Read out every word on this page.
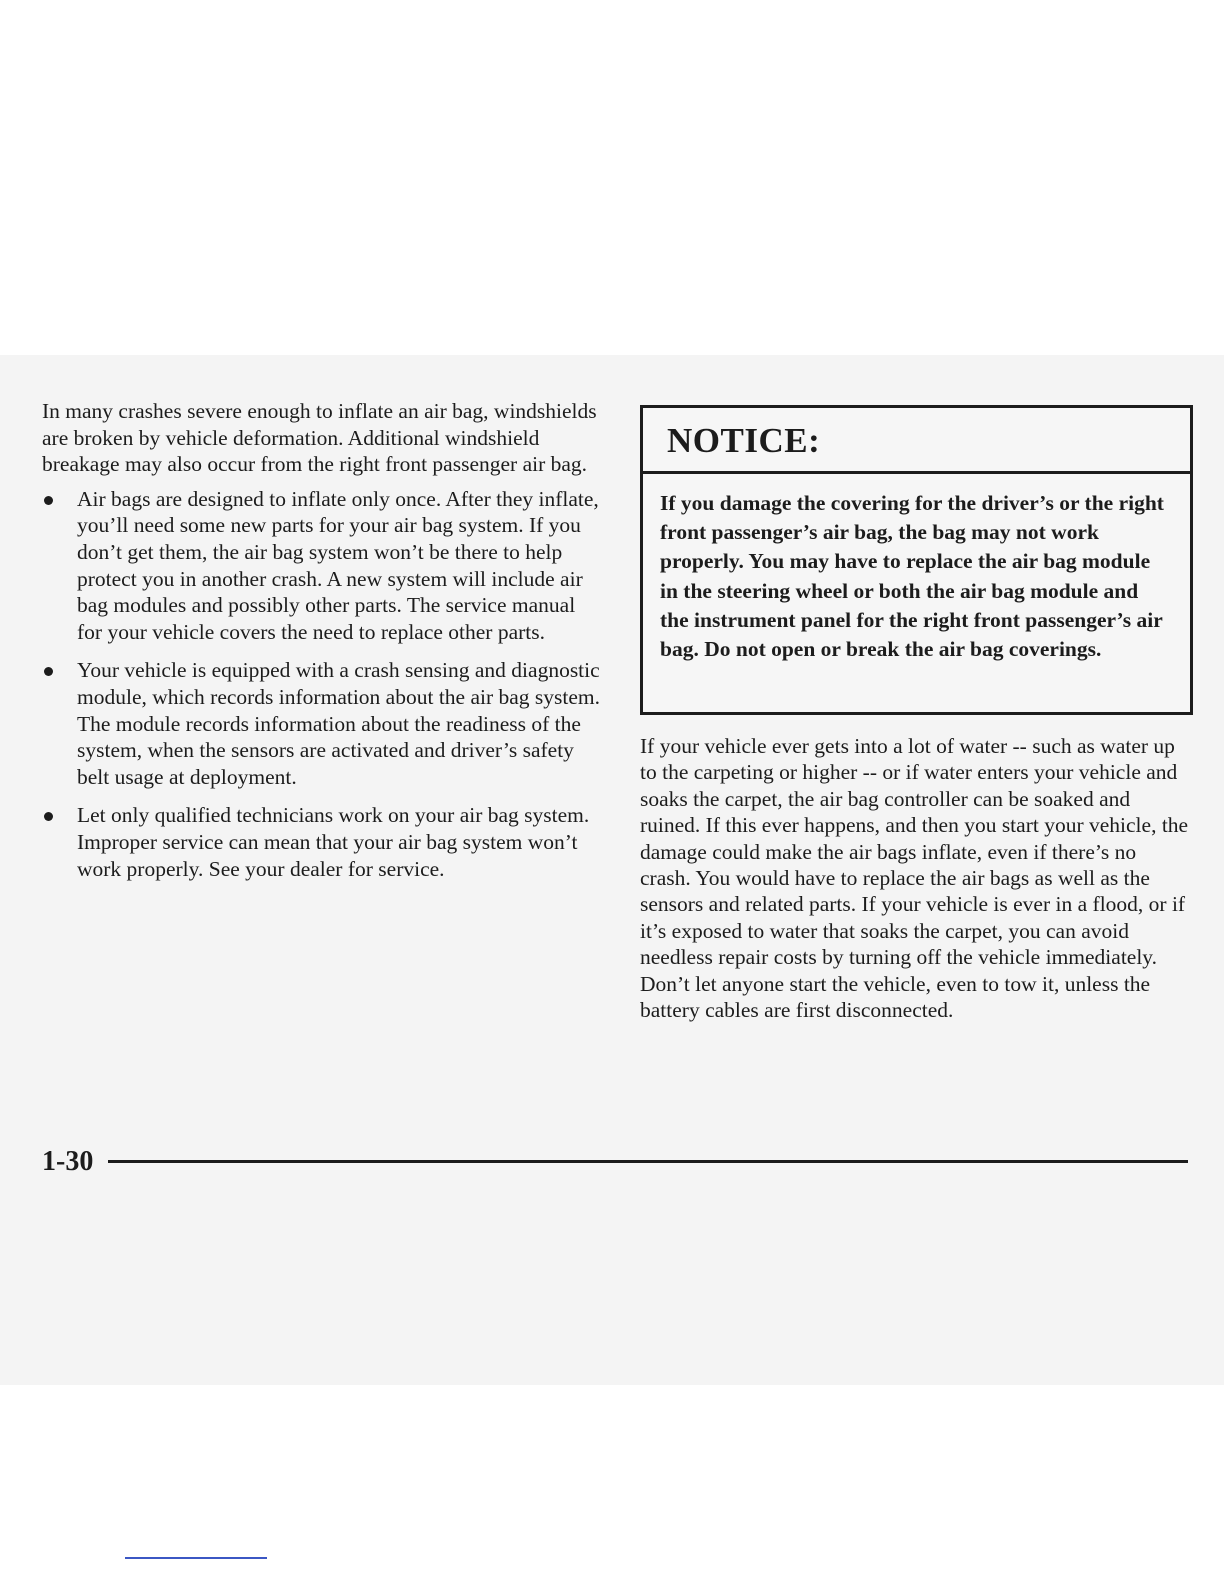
In many crashes severe enough to inflate an air bag, windshields are broken by vehicle deformation. Additional windshield breakage may also occur from the right front passenger air bag.

Air bags are designed to inflate only once. After they inflate, you’ll need some new parts for your air bag system. If you don’t get them, the air bag system won’t be there to help protect you in another crash. A new system will include air bag modules and possibly other parts. The service manual for your vehicle covers the need to replace other parts.
Your vehicle is equipped with a crash sensing and diagnostic module, which records information about the air bag system. The module records information about the readiness of the system, when the sensors are activated and driver’s safety belt usage at deployment.
Let only qualified technicians work on your air bag system. Improper service can mean that your air bag system won’t work properly. See your dealer for service.
NOTICE:
If you damage the covering for the driver’s or the right front passenger’s air bag, the bag may not work properly. You may have to replace the air bag module in the steering wheel or both the air bag module and the instrument panel for the right front passenger’s air bag. Do not open or break the air bag coverings.

If your vehicle ever gets into a lot of water -- such as water up to the carpeting or higher -- or if water enters your vehicle and soaks the carpet, the air bag controller can be soaked and ruined. If this ever happens, and then you start your vehicle, the damage could make the air bags inflate, even if there’s no crash. You would have to replace the air bags as well as the sensors and related parts. If your vehicle is ever in a flood, or if it’s exposed to water that soaks the carpet, you can avoid needless repair costs by turning off the vehicle immediately. Don’t let anyone start the vehicle, even to tow it, unless the battery cables are first disconnected.

1-30
